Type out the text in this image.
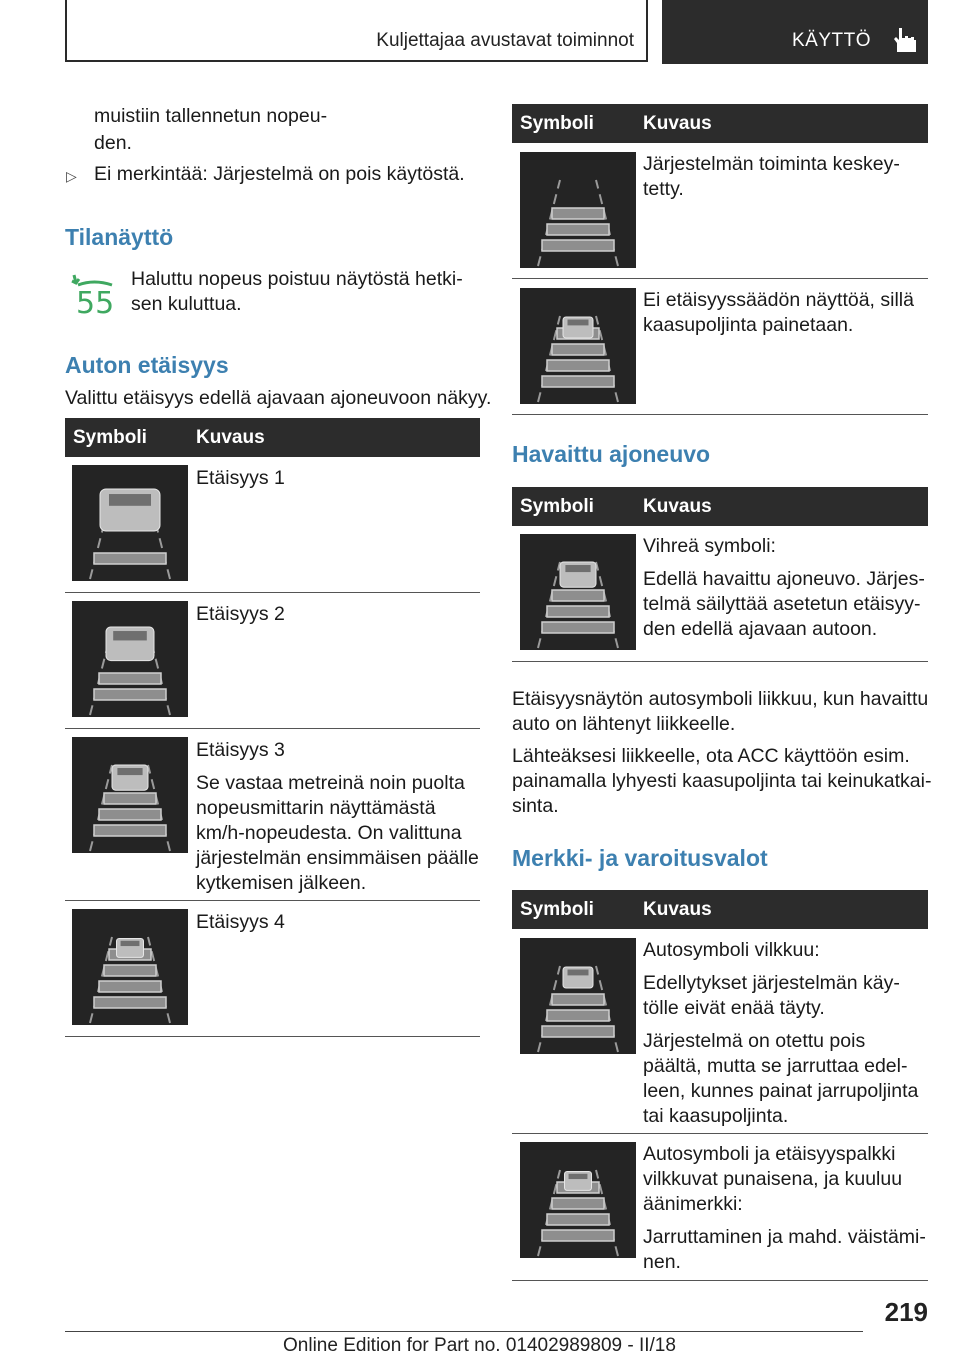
Kuljettajaa avustavat toiminnot	KÄYTTÖ
muistiin tallennetun nopeu-
den.
▷ Ei merkintää: Järjestelmä on pois käytöstä.
Tilanäyttö
55
Haluttu nopeus poistuu näytöstä hetki-
sen kuluttua.
Auton etäisyys
Valittu etäisyys edellä ajavaan ajoneuvoon näkyy.
Symboli	Kuvaus
Etäisyys 1
Etäisyys 2

Etäisyys 3

Se vastaa metreinä noin puolta
nopeusmittarin näyttämästä
km/h-nopeudesta. On valittuna
järjestelmän ensimmäisen päälle
kytkemisen jälkeen.
Etäisyys 4
Symboli	Kuvaus
Järjestelmän toiminta keskey-
tetty.
Ei etäisyyssäädön näyttöä, sillä
kaasupoljinta painetaan.
Havaittu ajoneuvo
Symboli	Kuvaus

Vihreä symboli:

Edellä havaittu ajoneuvo. Järjes-
telmä säilyttää asetetun etäisyy-
den edellä ajavaan autoon.
Etäisyysnäytön autosymboli liikkuu, kun havaittu
auto on lähtenyt liikkeelle.
Lähteäksesi liikkeelle, ota ACC käyttöön esim.
painamalla lyhyesti kaasupoljinta tai keinukatkai-
sinta.
Merkki- ja varoitusvalot
Symboli	Kuvaus

Autosymboli vilkkuu:

Edellytykset järjestelmän käy-
tölle eivät enää täyty.
Järjestelmä on otettu pois
päältä, mutta se jarruttaa edel-
leen, kunnes painat jarrupoljinta
tai kaasupoljinta.
Autosymboli ja etäisyyspalkki
vilkkuvat punaisena, ja kuuluu
äänimerkki:
Jarruttaminen ja mahd. väistämi-
nen.
219
Online Edition for Part no. 01402989809 - II/18
